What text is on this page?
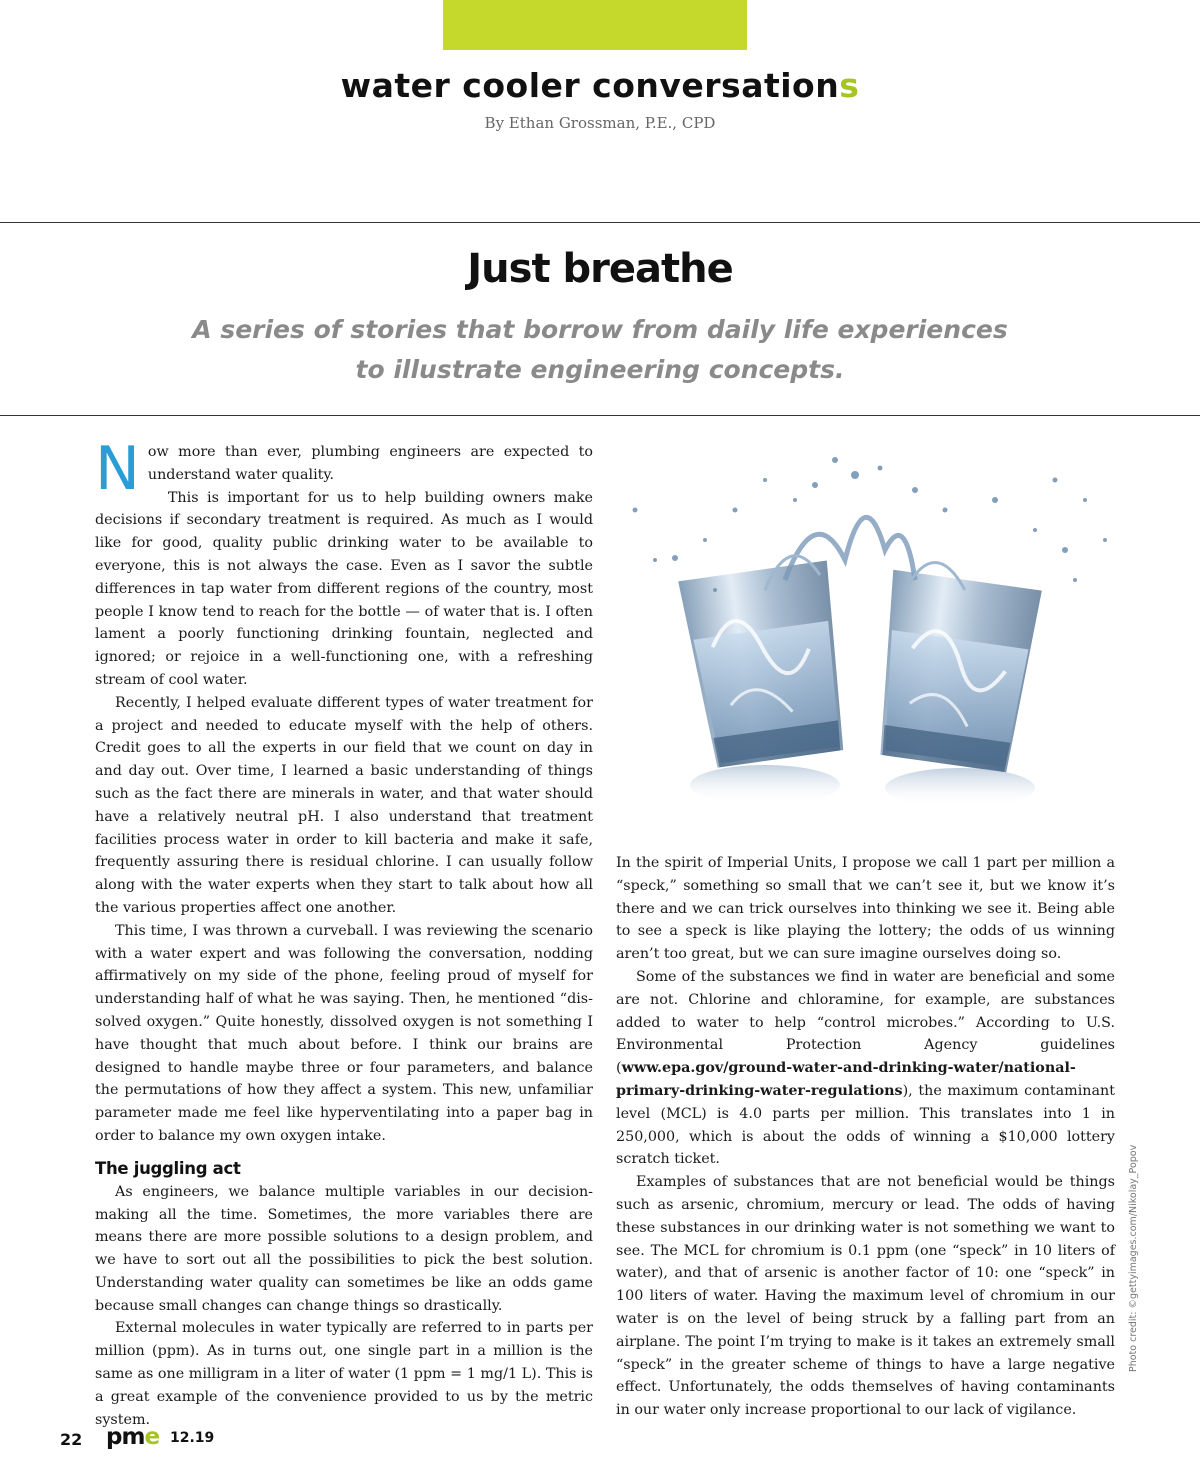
water cooler conversations
By Ethan Grossman, P.E., CPD
Just breathe
A series of stories that borrow from daily life experiences
to illustrate engineering concepts.

Now more than ever, plumbing engineers are expected to understand water quality.

This is important for us to help building owners make decisions if secondary treatment is required. As much as I would like for good, quality public drinking water to be available to everyone, this is not always the case. Even as I savor the subtle differences in tap water from different regions of the country, most people I know tend to reach for the bottle — of water that is. I often lament a poorly functioning drinking fountain, neglected and ignored; or rejoice in a well-functioning one, with a refreshing stream of cool water.

Recently, I helped evaluate different types of water treatment for a project and needed to educate myself with the help of others. Credit goes to all the experts in our field that we count on day in and day out. Over time, I learned a basic understanding of things such as the fact there are minerals in water, and that water should have a relatively neutral pH. I also understand that treatment facilities process water in order to kill bacteria and make it safe, frequently assuring there is residual chlorine. I can usually follow along with the water experts when they start to talk about how all the various properties affect one another.

This time, I was thrown a curveball. I was reviewing the scenario with a water expert and was following the conversation, nodding affirmatively on my side of the phone, feeling proud of myself for understanding half of what he was saying. Then, he mentioned “dissolved oxygen.” Quite honestly, dissolved oxygen is not something I have thought that much about before. I think our brains are designed to handle maybe three or four parameters, and balance the permutations of how they affect a system. This new, unfamiliar parameter made me feel like hyperventilating into a paper bag in order to balance my own oxygen intake.

The juggling act

As engineers, we balance multiple variables in our decision-making all the time. Sometimes, the more variables there are means there are more possible solutions to a design problem, and we have to sort out all the possibilities to pick the best solution. Understanding water quality can sometimes be like an odds game because small changes can change things so drastically.

External molecules in water typically are referred to in parts per million (ppm). As in turns out, one single part in a million is the same as one milligram in a liter of water (1 ppm = 1 mg/1 L). This is a great example of the convenience provided to us by the metric system.

In the spirit of Imperial Units, I propose we call 1 part per million a “speck,” something so small that we can’t see it, but we know it’s there and we can trick ourselves into thinking we see it. Being able to see a speck is like playing the lottery; the odds of us winning aren’t too great, but we can sure imagine ourselves doing so.

Some of the substances we find in water are beneficial and some are not. Chlorine and chloramine, for example, are substances added to water to help “control microbes.” According to U.S. Environmental Protection Agency guidelines (www.epa.gov/ground-water-and-drinking-water/national-primary-drinking-water-regulations), the maximum contaminant level (MCL) is 4.0 parts per million. This translates into 1 in 250,000, which is about the odds of winning a $10,000 lottery scratch ticket.

Examples of substances that are not beneficial would be things such as arsenic, chromium, mercury or lead. The odds of having these substances in our drinking water is not something we want to see. The MCL for chromium is 0.1 ppm (one “speck” in 10 liters of water), and that of arsenic is another factor of 10: one “speck” in 100 liters of water. Having the maximum level of chromium in our water is on the level of being struck by a falling part from an airplane. The point I’m trying to make is it takes an extremely small “speck” in the greater scheme of things to have a large negative effect. Unfortunately, the odds themselves of having contaminants in our water only increase proportional to our lack of vigilance.

Photo credit: ©gettyimages.com/Nikolay_Popov
22 pme 12.19
